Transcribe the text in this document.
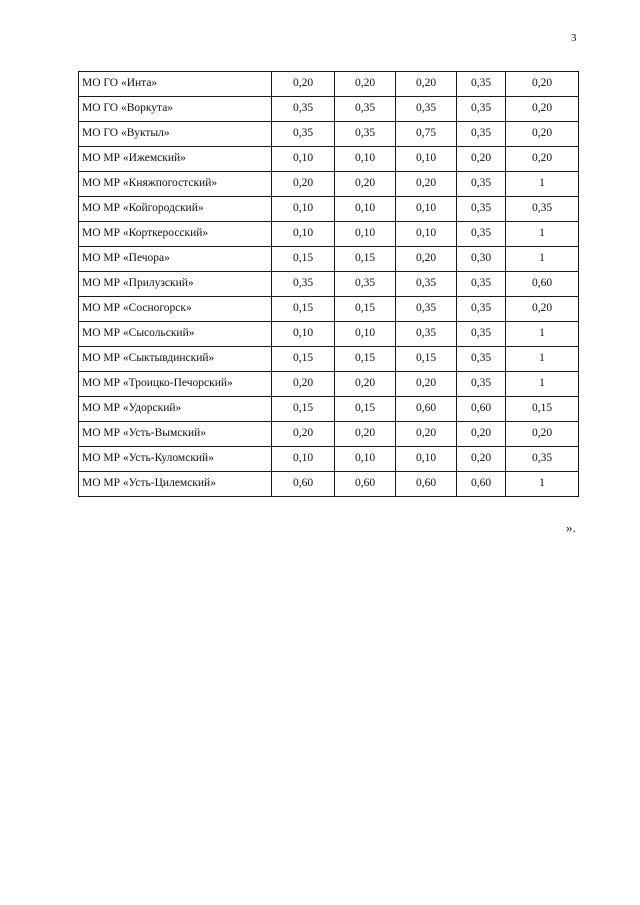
3
МО ГО «Инта»	0,20	0,20	0,20	0,35	0,20
МО ГО «Воркута»	0,35	0,35	0,35	0,35	0,20
МО ГО «Вуктыл»	0,35	0,35	0,75	0,35	0,20
МО МР «Ижемский»	0,10	0,10	0,10	0,20	0,20
МО МР «Княжпогостский»	0,20	0,20	0,20	0,35	1
МО МР «Койгородский»	0,10	0,10	0,10	0,35	0,35
МО МР «Корткеросский»	0,10	0,10	0,10	0,35	1
МО МР «Печора»	0,15	0,15	0,20	0,30	1
МО МР «Прилузский»	0,35	0,35	0,35	0,35	0,60
МО МР «Сосногорск»	0,15	0,15	0,35	0,35	0,20
МО МР «Сысольский»	0,10	0,10	0,35	0,35	1
МО МР «Сыктывдинский»	0,15	0,15	0,15	0,35	1
МО МР «Троицко-Печорский»	0,20	0,20	0,20	0,35	1
МО МР «Удорский»	0,15	0,15	0,60	0,60	0,15
МО МР «Усть-Вымский»	0,20	0,20	0,20	0,20	0,20
МО МР «Усть-Куломский»	0,10	0,10	0,10	0,20	0,35
МО МР «Усть-Цилемский»	0,60	0,60	0,60	0,60	1
».
